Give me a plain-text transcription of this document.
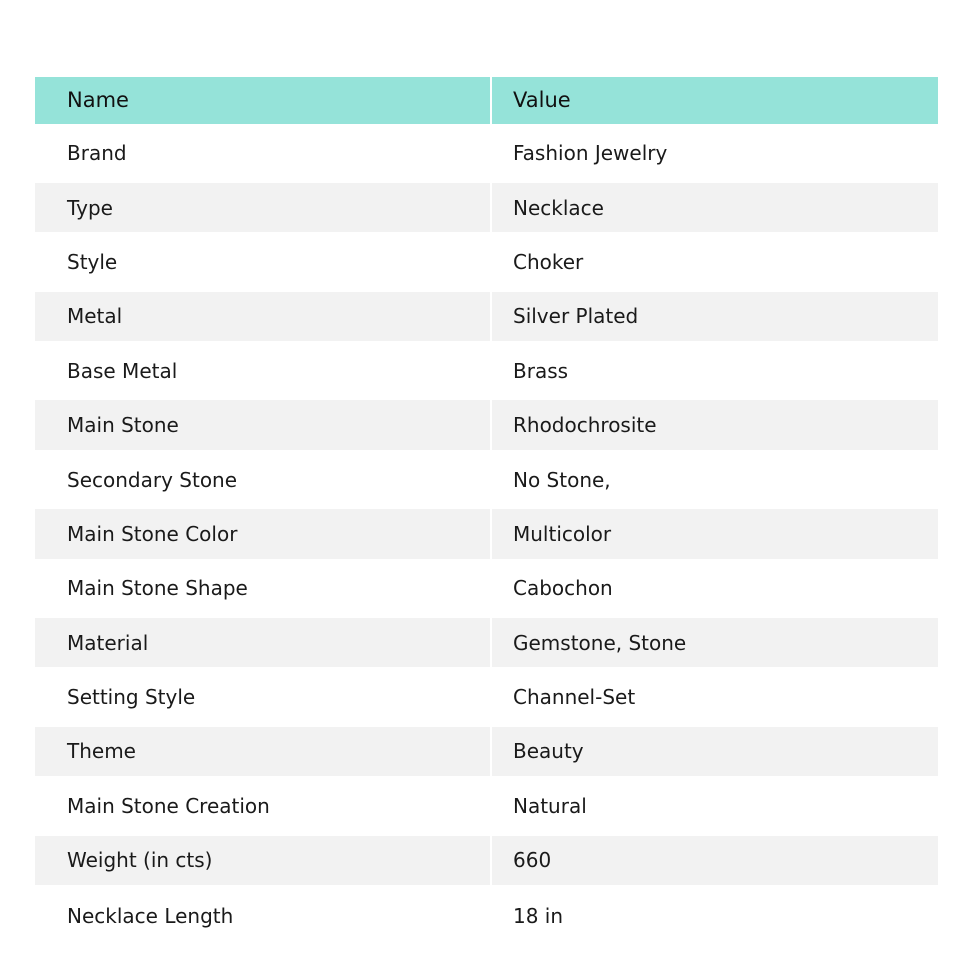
Name	Value
Brand	Fashion Jewelry
Type	Necklace
Style	Choker
Metal	Silver Plated
Base Metal	Brass
Main Stone	Rhodochrosite
Secondary Stone	No Stone,
Main Stone Color	Multicolor
Main Stone Shape	Cabochon
Material	Gemstone, Stone
Setting Style	Channel-Set
Theme	Beauty
Main Stone Creation	Natural
Weight (in cts)	660
Necklace Length	18 in
